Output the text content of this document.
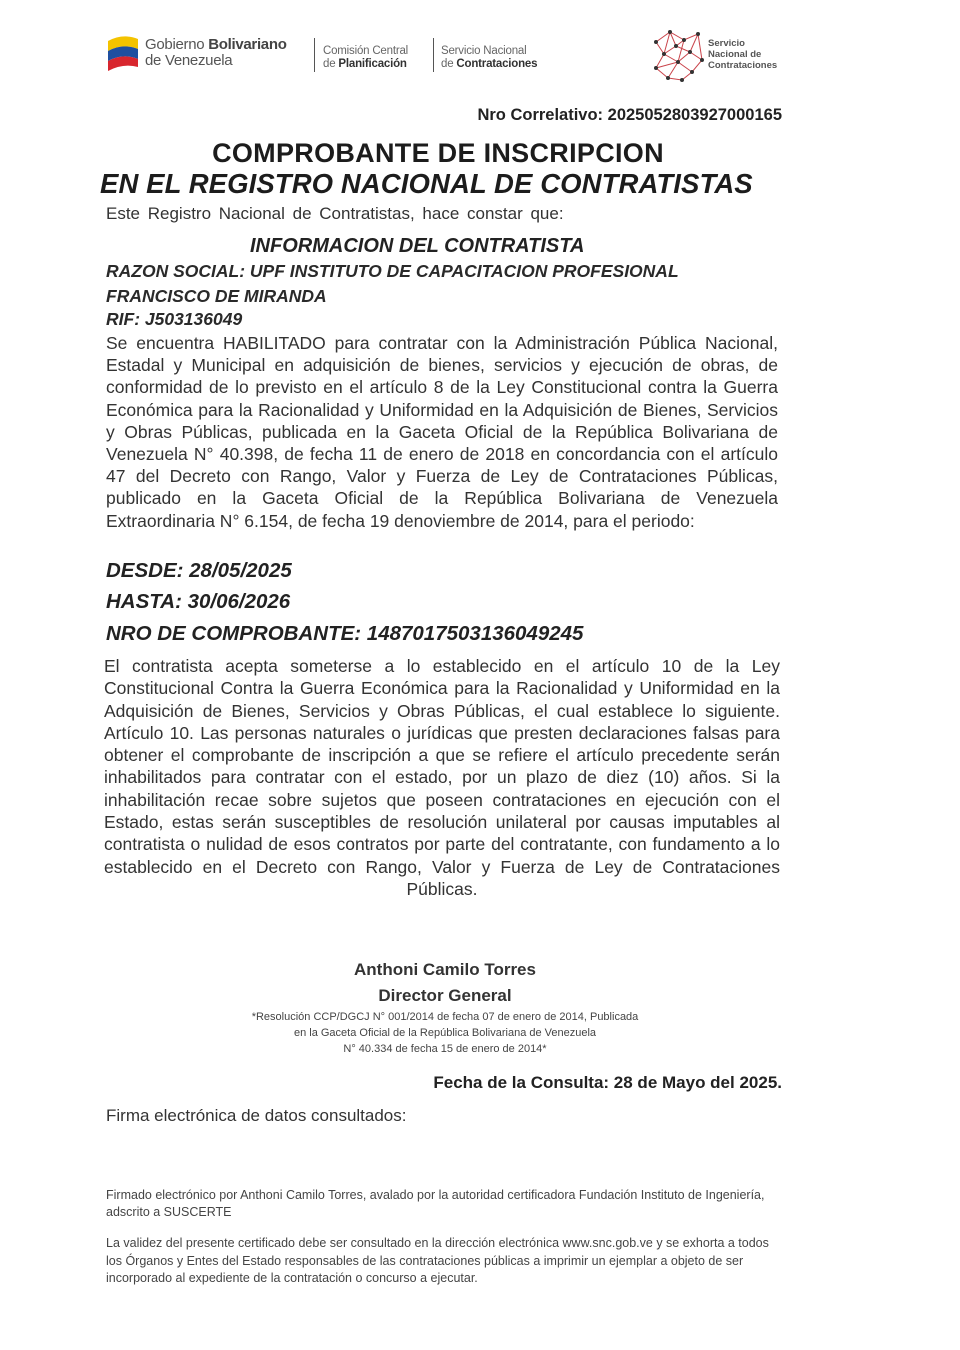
Gobierno Bolivariano
de Venezuela
Comisión Central
de Planificación
Servicio Nacional
de Contrataciones
Servicio
Nacional de
Contrataciones
Nro Correlativo: 2025052803927000165
COMPROBANTE DE INSCRIPCION
EN EL REGISTRO NACIONAL DE CONTRATISTAS
Este Registro Nacional de Contratistas, hace constar que:
INFORMACION DEL CONTRATISTA
RAZON SOCIAL: UPF INSTITUTO DE CAPACITACION PROFESIONAL FRANCISCO DE MIRANDA
RIF: J503136049
Se encuentra HABILITADO para contratar con la Administración Pública Nacional, Estadal y Municipal en adquisición de bienes, servicios y ejecución de obras, de conformidad de lo previsto en el artículo 8 de la Ley Constitucional contra la Guerra Económica para la Racionalidad y Uniformidad en la Adquisición de Bienes, Servicios y Obras Públicas, publicada en la Gaceta Oficial de la República Bolivariana de Venezuela N° 40.398, de fecha 11 de enero de 2018 en concordancia con el artículo 47 del Decreto con Rango, Valor y Fuerza de Ley de Contrataciones Públicas, publicado en la Gaceta Oficial de la República Bolivariana de Venezuela Extraordinaria N° 6.154, de fecha 19 denoviembre de 2014, para el periodo:
DESDE: 28/05/2025
HASTA: 30/06/2026
NRO DE COMPROBANTE: 1487017503136049245
El contratista acepta someterse a lo establecido en el artículo 10 de la Ley Constitucional Contra la Guerra Económica para la Racionalidad y Uniformidad en la Adquisición de Bienes, Servicios y Obras Públicas, el cual establece lo siguiente. Artículo 10. Las personas naturales o jurídicas que presten declaraciones falsas para obtener el comprobante de inscripción a que se refiere el artículo precedente serán inhabilitados para contratar con el estado, por un plazo de diez (10) años. Si la inhabilitación recae sobre sujetos que poseen contrataciones en ejecución con el Estado, estas serán susceptibles de resolución unilateral por causas imputables al contratista o nulidad de esos contratos por parte del contratante, con fundamento a lo establecido en el Decreto con Rango, Valor y Fuerza de Ley de Contrataciones Públicas.
Anthoni Camilo Torres
Director General
*Resolución CCP/DGCJ N° 001/2014 de fecha 07 de enero de 2014, Publicada
en la Gaceta Oficial de la República Bolivariana de Venezuela
N° 40.334 de fecha 15 de enero de 2014*
Fecha de la Consulta: 28 de Mayo del 2025.
Firma electrónica de datos consultados:
Firmado electrónico por Anthoni Camilo Torres, avalado por la autoridad certificadora Fundación Instituto de Ingeniería, adscrito a SUSCERTE
La validez del presente certificado debe ser consultado en la dirección electrónica www.snc.gob.ve y se exhorta a todos los Órganos y Entes del Estado responsables de las contrataciones públicas a imprimir un ejemplar a objeto de ser incorporado al expediente de la contratación o concurso a ejecutar.
